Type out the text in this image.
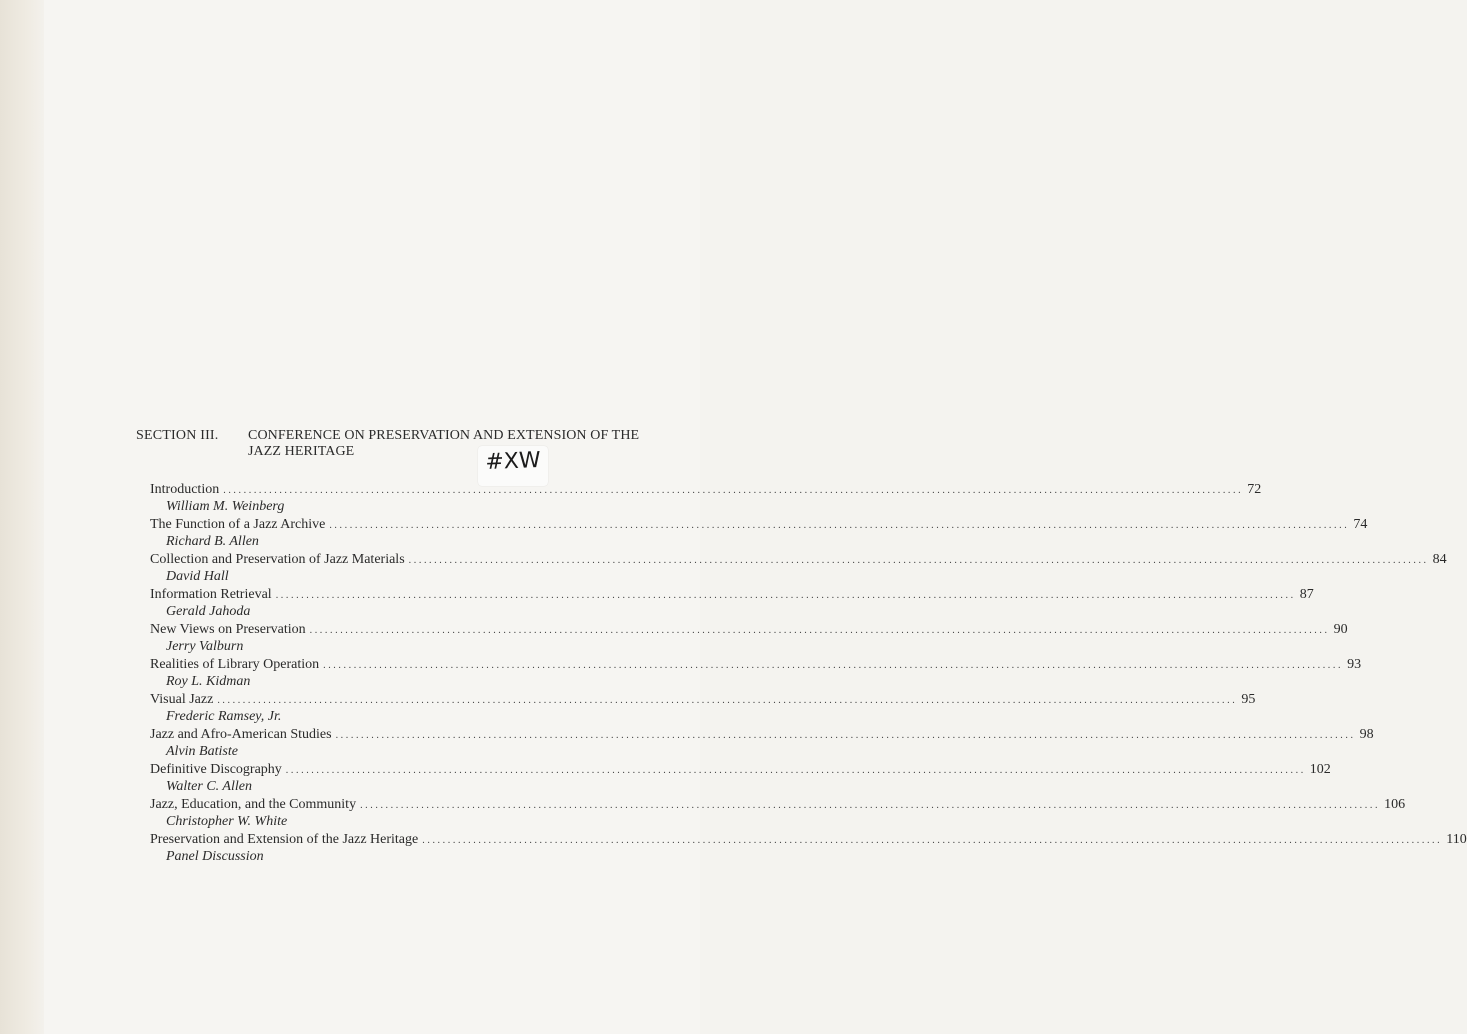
SECTION III. CONFERENCE ON PRESERVATION AND EXTENSION OF THE JAZZ HERITAGE	#XW
Introduction ........................................................................................................................................................................................................ 72
William M. Weinberg
The Function of a Jazz Archive ........................................................................................................................................................................................................ 74
Richard B. Allen
Collection and Preservation of Jazz Materials ........................................................................................................................................................................................................ 84
David Hall
Information Retrieval ........................................................................................................................................................................................................ 87
Gerald Jahoda
New Views on Preservation ........................................................................................................................................................................................................ 90
Jerry Valburn
Realities of Library Operation ........................................................................................................................................................................................................ 93
Roy L. Kidman
Visual Jazz ........................................................................................................................................................................................................ 95
Frederic Ramsey, Jr.
Jazz and Afro-American Studies ........................................................................................................................................................................................................ 98
Alvin Batiste
Definitive Discography ........................................................................................................................................................................................................ 102
Walter C. Allen
Jazz, Education, and the Community ........................................................................................................................................................................................................ 106
Christopher W. White
Preservation and Extension of the Jazz Heritage ........................................................................................................................................................................................................ 110
Panel Discussion
